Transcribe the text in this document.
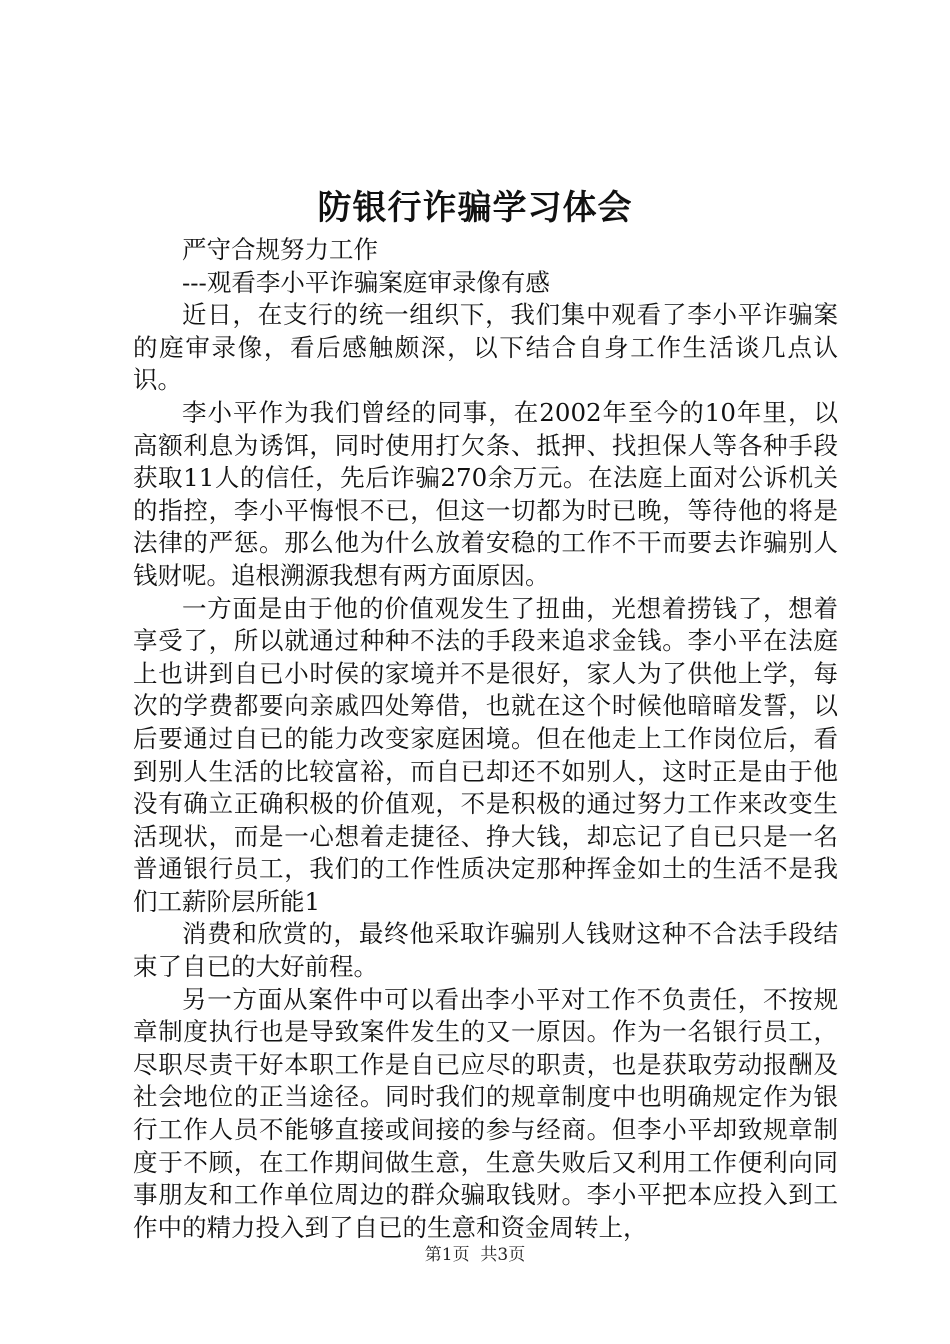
防银行诈骗学习体会

严守合规努力工作

---观看李小平诈骗案庭审录像有感

近日，在支行的统一组织下，我们集中观看了李小平诈骗案的庭审录像，看后感触颇深，以下结合自身工作生活谈几点认识。

李小平作为我们曾经的同事，在2002年至今的10年里，以高额利息为诱饵，同时使用打欠条、抵押、找担保人等各种手段获取11人的信任，先后诈骗270余万元。在法庭上面对公诉机关的指控，李小平悔恨不已，但这一切都为时已晚，等待他的将是法律的严惩。那么他为什么放着安稳的工作不干而要去诈骗别人钱财呢。追根溯源我想有两方面原因。

一方面是由于他的价值观发生了扭曲，光想着捞钱了，想着享受了，所以就通过种种不法的手段来追求金钱。李小平在法庭上也讲到自已小时侯的家境并不是很好，家人为了供他上学，每次的学费都要向亲戚四处筹借，也就在这个时候他暗暗发誓，以后要通过自已的能力改变家庭困境。但在他走上工作岗位后，看到别人生活的比较富裕，而自已却还不如别人，这时正是由于他没有确立正确积极的价值观，不是积极的通过努力工作来改变生活现状，而是一心想着走捷径、挣大钱，却忘记了自已只是一名普通银行员工，我们的工作性质决定那种挥金如土的生活不是我们工薪阶层所能1

消费和欣赏的，最终他采取诈骗别人钱财这种不合法手段结束了自已的大好前程。

另一方面从案件中可以看出李小平对工作不负责任，不按规章制度执行也是导致案件发生的又一原因。作为一名银行员工，尽职尽责干好本职工作是自已应尽的职责，也是获取劳动报酬及社会地位的正当途径。同时我们的规章制度中也明确规定作为银行工作人员不能够直接或间接的参与经商。但李小平却致规章制度于不顾，在工作期间做生意，生意失败后又利用工作便利向同事朋友和工作单位周边的群众骗取钱财。李小平把本应投入到工作中的精力投入到了自已的生意和资金周转上，

第1页 共3页
